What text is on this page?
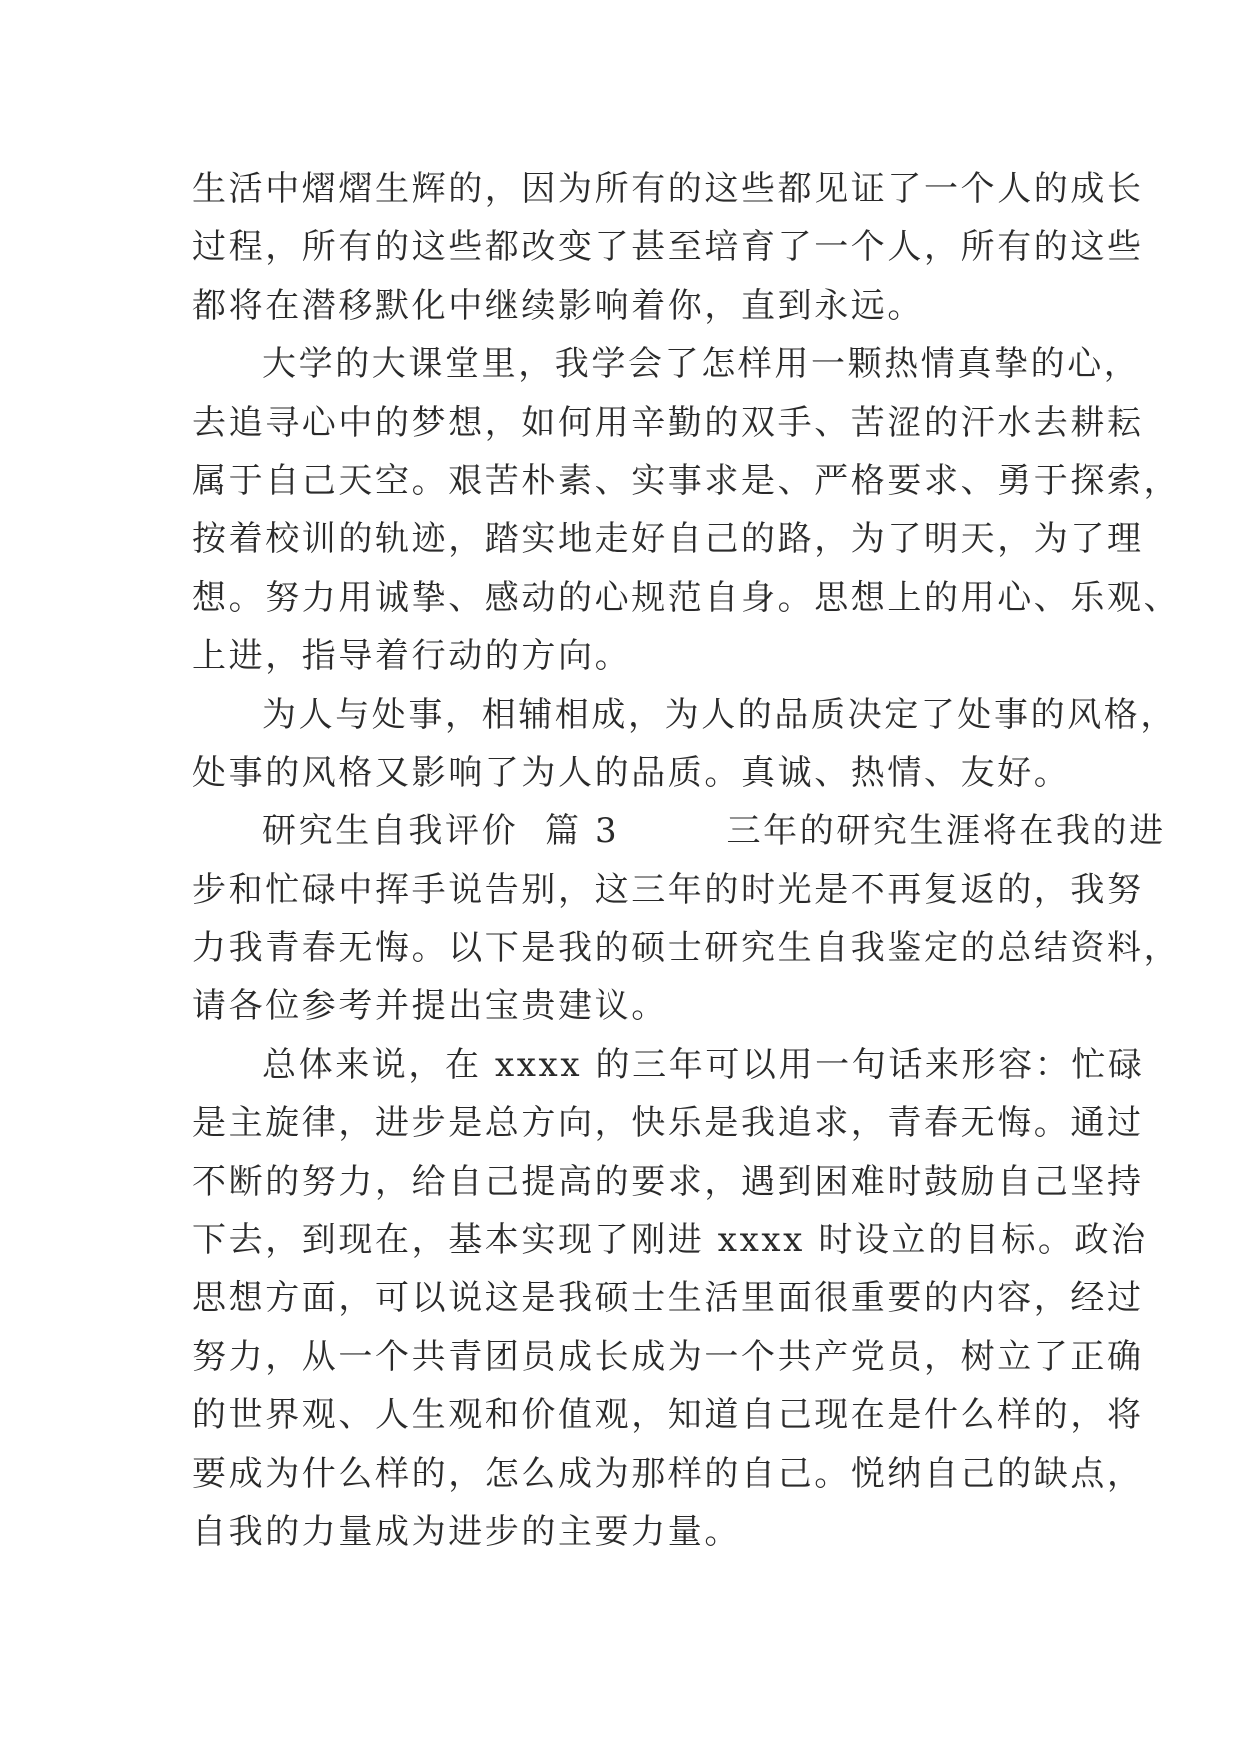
生活中熠熠生辉的，因为所有的这些都见证了一个人的成长
过程，所有的这些都改变了甚至培育了一个人，所有的这些
都将在潜移默化中继续影响着你，直到永远。
大学的大课堂里，我学会了怎样用一颗热情真挚的心，
去追寻心中的梦想，如何用辛勤的双手、苦涩的汗水去耕耘
属于自己天空。艰苦朴素、实事求是、严格要求、勇于探索，
按着校训的轨迹，踏实地走好自己的路，为了明天，为了理
想。努力用诚挚、感动的心规范自身。思想上的用心、乐观、
上进，指导着行动的方向。
为人与处事，相辅相成，为人的品质决定了处事的风格，
处事的风格又影响了为人的品质。真诚、热情、友好。
研究生自我评价  篇 3        三年的研究生涯将在我的进
步和忙碌中挥手说告别，这三年的时光是不再复返的，我努
力我青春无悔。以下是我的硕士研究生自我鉴定的总结资料，
请各位参考并提出宝贵建议。
总体来说，在 xxxx 的三年可以用一句话来形容：忙碌
是主旋律，进步是总方向，快乐是我追求，青春无悔。通过
不断的努力，给自己提高的要求，遇到困难时鼓励自己坚持
下去，到现在，基本实现了刚进 xxxx 时设立的目标。政治
思想方面，可以说这是我硕士生活里面很重要的内容，经过
努力，从一个共青团员成长成为一个共产党员，树立了正确
的世界观、人生观和价值观，知道自己现在是什么样的，将
要成为什么样的，怎么成为那样的自己。悦纳自己的缺点，
自我的力量成为进步的主要力量。
